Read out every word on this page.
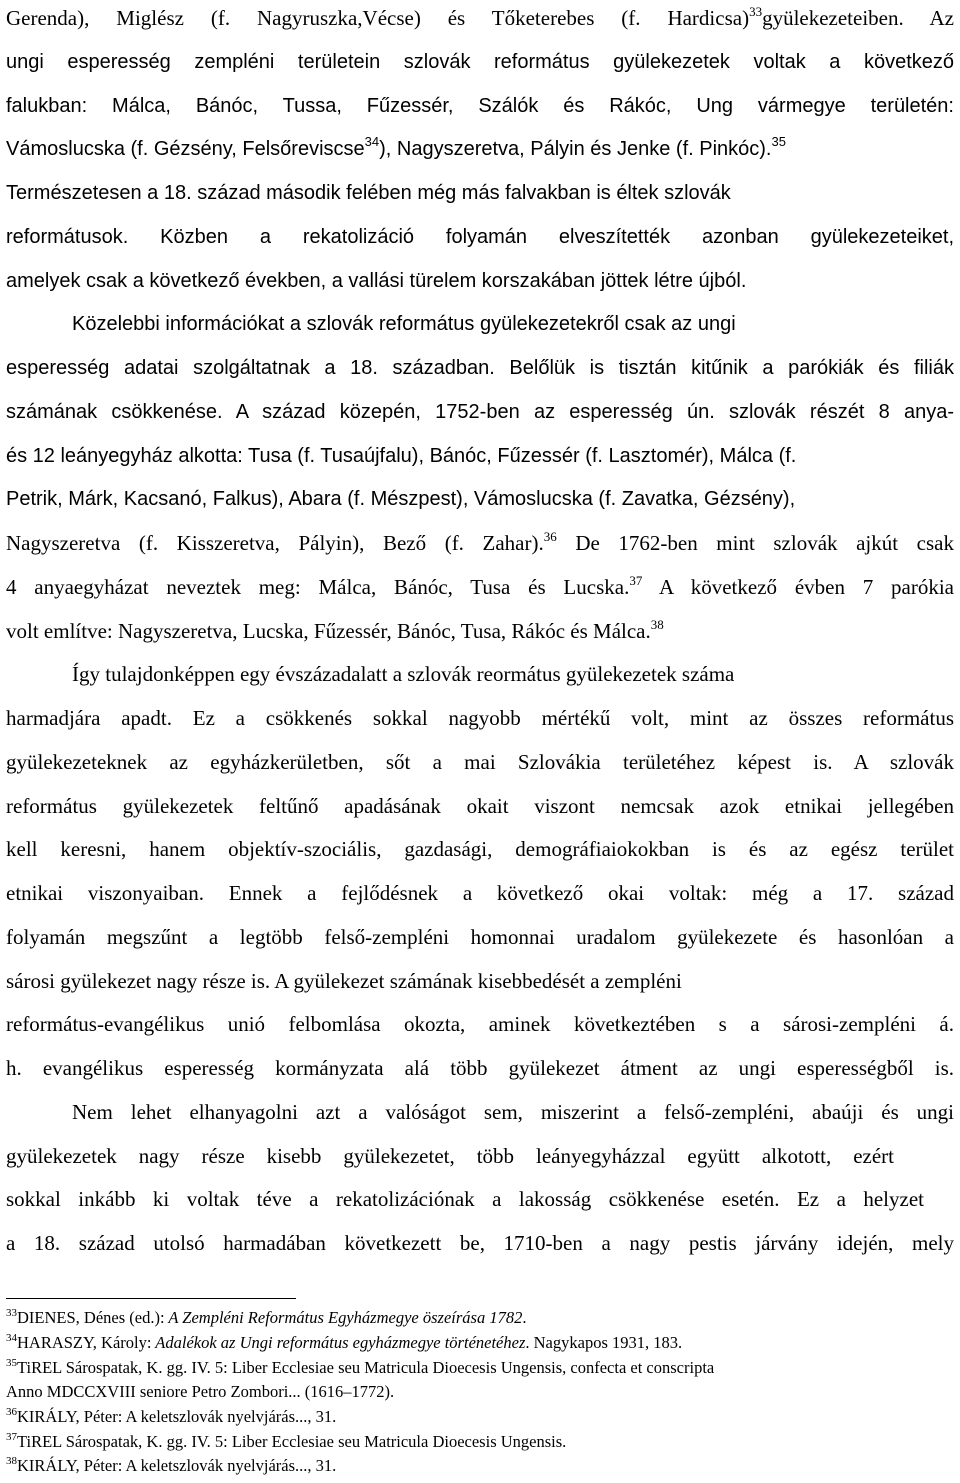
Gerenda), Miglész (f. Nagyruszka,Vécse) és Tőketerebes (f. Hardicsa)$^{33}$gyülekezeteiben. Az
ungi esperesség zempléni területein szlovák református gyülekezetek voltak a következő
falukban: Málca, Bánóc, Tussa, Fűzessér, Szálók és Rákóc, Ung vármegye területén:
Vámoslucska (f. Gézsény, Felsőreviscse$^{34}$), Nagyszeretva, Pályin és Jenke (f. Pinkóc).$^{35}$
Természetesen a 18. század második felében még más falvakban is éltek szlovák
reformátusok. Közben a rekatolizáció folyamán elveszítették azonban gyülekezeteiket,
amelyek csak a következő években, a vallási türelem korszakában jöttek létre újból.
Közelebbi információkat a szlovák református gyülekezetekről csak az ungi
esperesség adatai szolgáltatnak a 18. században. Belőlük is tisztán kitűnik a parókiák és filiák
számának csökkenése. A század közepén, 1752-ben az esperesség ún. szlovák részét 8 anya-
és 12 leányegyház alkotta: Tusa (f. Tusaújfalu), Bánóc, Fűzessér (f. Lasztomér), Málca (f.
Petrik, Márk, Kacsanó, Falkus), Abara (f. Mészpest), Vámoslucska (f. Zavatka, Gézsény),
Nagyszeretva (f. Kisszeretva, Pályin), Bező (f. Zahar).$^{36}$ De 1762-ben mint szlovák ajkút csak
4 anyaegyházat neveztek meg: Málca, Bánóc, Tusa és Lucska.$^{37}$ A következő évben 7 parókia
volt említve: Nagyszeretva, Lucska, Fűzessér, Bánóc, Tusa, Rákóc és Málca.$^{38}$
Így tulajdonképpen egy évszázadalatt a szlovák reormátus gyülekezetek száma
harmadjára apadt. Ez a csökkenés sokkal nagyobb mértékű volt, mint az összes református
gyülekezeteknek az egyházkerületben, sőt a mai Szlovákia területéhez képest is. A szlovák
református gyülekezetek feltűnő apadásának okait viszont nemcsak azok etnikai jellegében
kell keresni, hanem objektív-szociális, gazdasági, demográfiaiokokban is és az egész terület
etnikai viszonyaiban. Ennek a fejlődésnek a következő okai voltak: még a 17. század
folyamán megszűnt a legtöbb felső-zempléni homonnai uradalom gyülekezete és hasonlóan a
sárosi gyülekezet nagy része is. A gyülekezet számának kisebbedését a zempléni
református-evangélikus unió felbomlása okozta, aminek következtében s a sárosi-zempléni á.
h. evangélikus esperesség kormányzata alá több gyülekezet átment az ungi esperességből is.
Nem lehet elhanyagolni azt a valóságot sem, miszerint a felső-zempléni, abaúji és ungi
gyülekezetek nagy része kisebb gyülekezetet, több leányegyházzal együtt alkotott, ezért
sokkal inkább ki voltak téve a rekatolizációnak a lakosság csökkenése esetén. Ez a helyzet
a 18. század utolsó harmadában következett be, 1710-ben a nagy pestis járvány idején, mely
$^{33}$DIENES, Dénes (ed.): A Zempléni Református Egyházmegye öszeírása 1782.
$^{34}$HARASZY, Károly: Adalékok az Ungi református egyházmegye történetéhez. Nagykapos 1931, 183.
$^{35}$TiREL Sárospatak, K. gg. IV. 5: Liber Ecclesiae seu Matricula Dioecesis Ungensis, confecta et conscripta
Anno MDCCXVIII seniore Petro Zombori... (1616–1772).
$^{36}$KIRÁLY, Péter: A keletszlovák nyelvjárás..., 31.
$^{37}$TiREL Sárospatak, K. gg. IV. 5: Liber Ecclesiae seu Matricula Dioecesis Ungensis.
$^{38}$KIRÁLY, Péter: A keletszlovák nyelvjárás..., 31.
